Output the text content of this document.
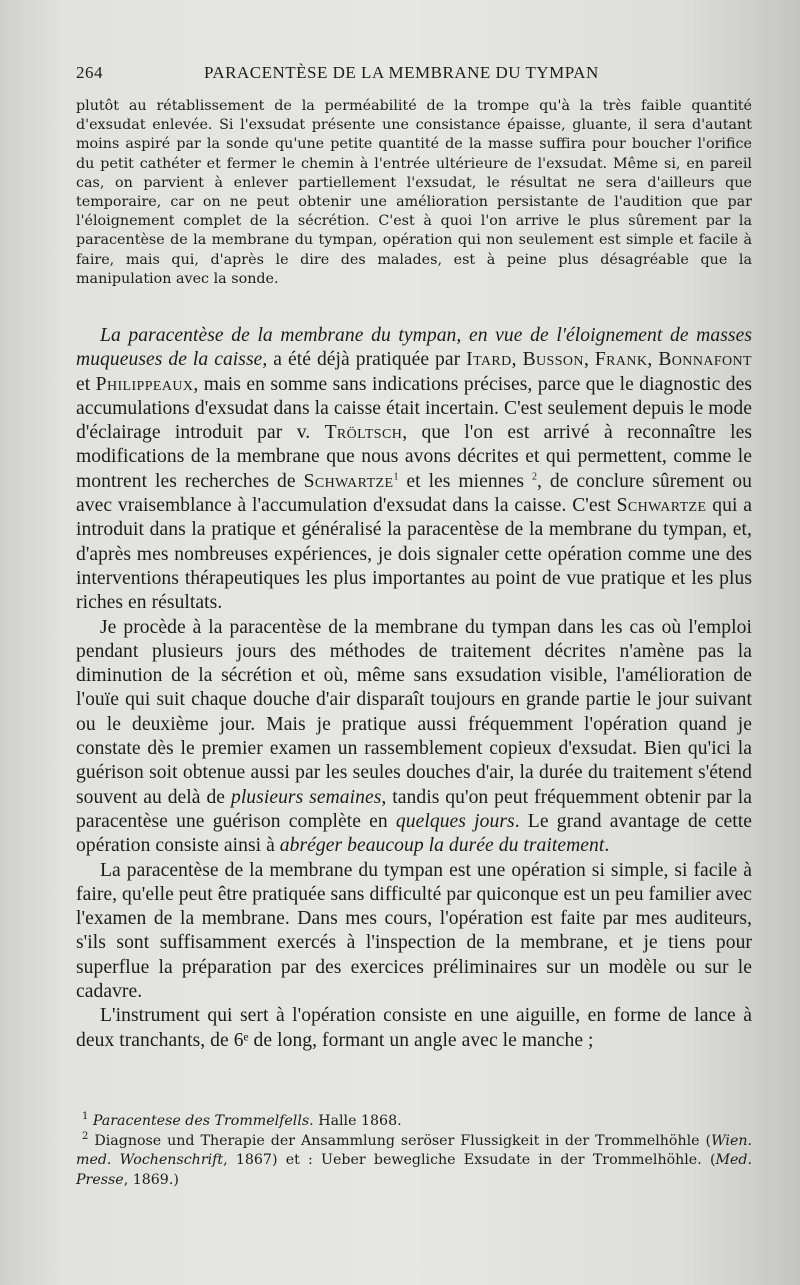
264	PARACENTÈSE DE LA MEMBRANE DU TYMPAN

plutôt au rétablissement de la perméabilité de la trompe qu'à la très faible quantité d'exsudat enlevée. Si l'exsudat présente une consistance épaisse, gluante, il sera d'autant moins aspiré par la sonde qu'une petite quantité de la masse suffira pour boucher l'orifice du petit cathéter et fermer le chemin à l'entrée ultérieure de l'exsudat. Même si, en pareil cas, on parvient à enlever partiellement l'exsudat, le résultat ne sera d'ailleurs que temporaire, car on ne peut obtenir une amélioration persistante de l'audition que par l'éloignement complet de la sécrétion. C'est à quoi l'on arrive le plus sûrement par la paracentèse de la membrane du tympan, opération qui non seulement est simple et facile à faire, mais qui, d'après le dire des malades, est à peine plus désagréable que la manipulation avec la sonde.

La paracentèse de la membrane du tympan, en vue de l'éloignement de masses muqueuses de la caisse, a été déjà pratiquée par Itard, Busson, Frank, Bonnafont et Philippeaux, mais en somme sans indications précises, parce que le diagnostic des accumulations d'exsudat dans la caisse était incertain. C'est seulement depuis le mode d'éclairage introduit par v. Tröltsch, que l'on est arrivé à reconnaître les modifications de la membrane que nous avons décrites et qui permettent, comme le montrent les recherches de Schwartze$^1$ et les miennes $^2$, de conclure sûrement ou avec vraisemblance à l'accumulation d'exsudat dans la caisse. C'est Schwartze qui a introduit dans la pratique et généralisé la paracentèse de la membrane du tympan, et, d'après mes nombreuses expériences, je dois signaler cette opération comme une des interventions thérapeutiques les plus importantes au point de vue pratique et les plus riches en résultats.

Je procède à la paracentèse de la membrane du tympan dans les cas où l'emploi pendant plusieurs jours des méthodes de traitement décrites n'amène pas la diminution de la sécrétion et où, même sans exsudation visible, l'amélioration de l'ouïe qui suit chaque douche d'air disparaît toujours en grande partie le jour suivant ou le deuxième jour. Mais je pratique aussi fréquemment l'opération quand je constate dès le premier examen un rassemblement copieux d'exsudat. Bien qu'ici la guérison soit obtenue aussi par les seules douches d'air, la durée du traitement s'étend souvent au delà de plusieurs semaines, tandis qu'on peut fréquemment obtenir par la paracentèse une guérison complète en quelques jours. Le grand avantage de cette opération consiste ainsi à abréger beaucoup la durée du traitement.

La paracentèse de la membrane du tympan est une opération si simple, si facile à faire, qu'elle peut être pratiquée sans difficulté par quiconque est un peu familier avec l'examen de la membrane. Dans mes cours, l'opération est faite par mes auditeurs, s'ils sont suffisamment exercés à l'inspection de la membrane, et je tiens pour superflue la préparation par des exercices préliminaires sur un modèle ou sur le cadavre.

L'instrument qui sert à l'opération consiste en une aiguille, en forme de lance à deux tranchants, de 6ᵉ de long, formant un angle avec le manche ;

$^1$ Paracentese des Trommelfells. Halle 1868.

$^2$ Diagnose und Therapie der Ansammlung seröser Flussigkeit in der Trommelhöhle (Wien. med. Wochenschrift, 1867) et : Ueber bewegliche Exsudate in der Trommelhöhle. (Med. Presse, 1869.)
